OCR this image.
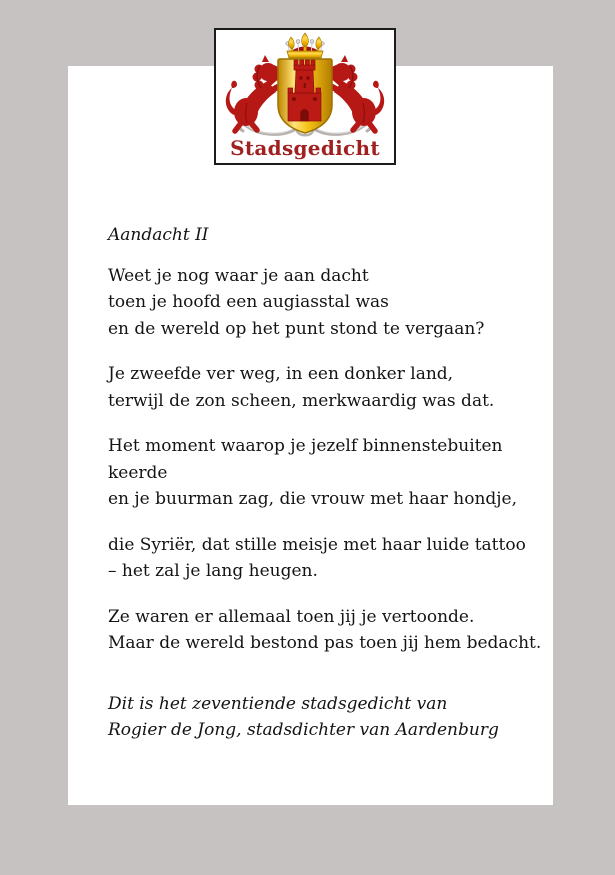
Stadsgedicht
Aandacht II
Weet je nog waar je aan dacht
toen je hoofd een augiasstal was
en de wereld op het punt stond te vergaan?
Je zweefde ver weg, in een donker land,
terwijl de zon scheen, merkwaardig was dat.
Het moment waarop je jezelf binnenstebuiten
keerde
en je buurman zag, die vrouw met haar hondje,
die Syriër, dat stille meisje met haar luide tattoo
– het zal je lang heugen.
Ze waren er allemaal toen jij je vertoonde.
Maar de wereld bestond pas toen jij hem bedacht.
Dit is het zeventiende stadsgedicht van
Rogier de Jong, stadsdichter van Aardenburg
